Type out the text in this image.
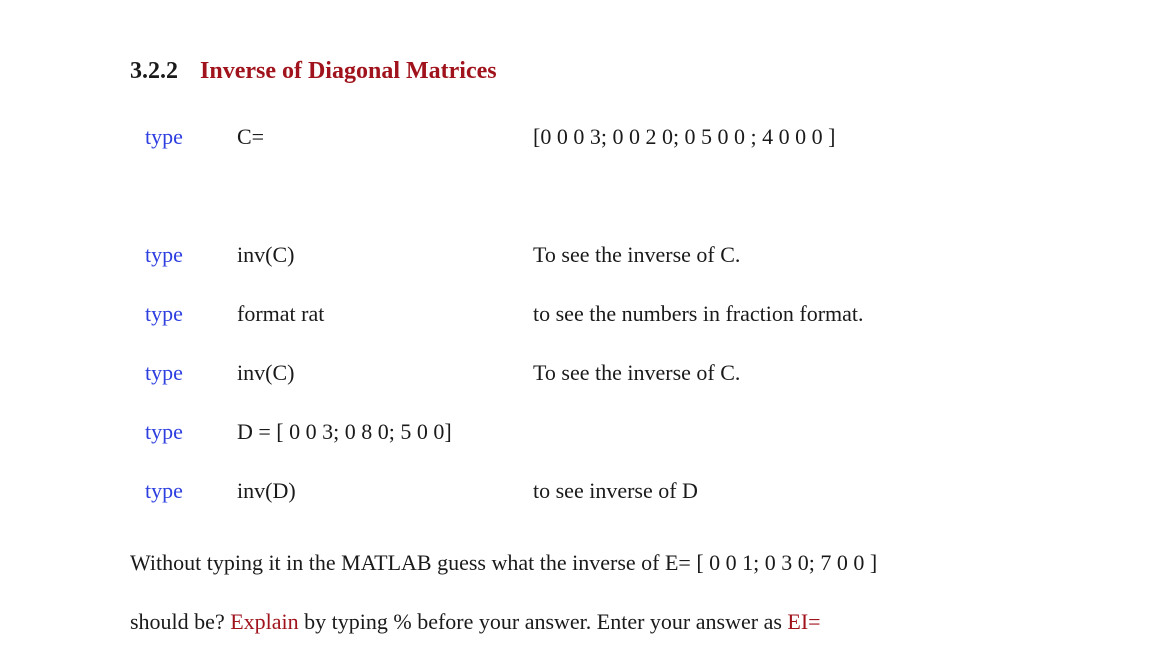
3.2.2 Inverse of Diagonal Matrices
type C=	[0 0 0 3; 0 0 2 0; 0 5 0 0 ; 4 0 0 0 ]
type inv(C)	To see the inverse of C.
type format rat	to see the numbers in fraction format.
type inv(C)	To see the inverse of C.
type D = [ 0 0 3; 0 8 0; 5 0 0]
type inv(D)	to see inverse of D
Without typing it in the MATLAB guess what the inverse of E= [ 0 0 1; 0 3 0; 7 0 0 ]
should be? Explain by typing % before your answer. Enter your answer as EI=
